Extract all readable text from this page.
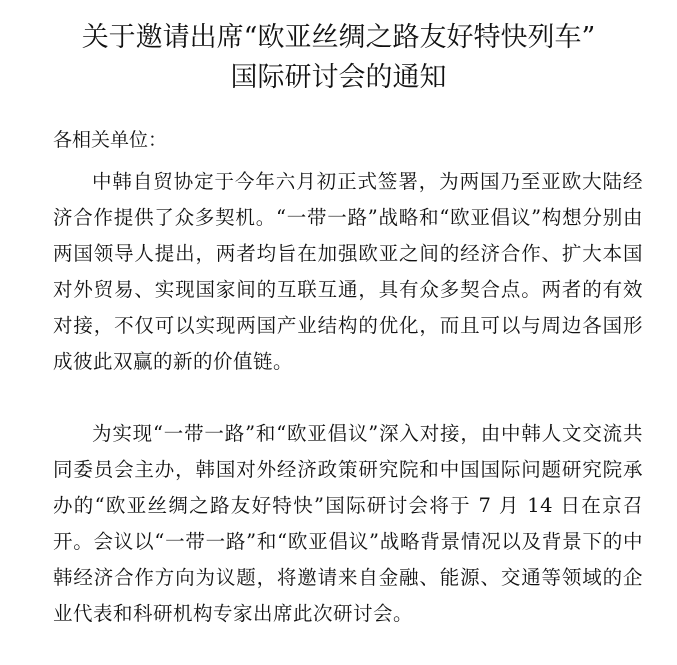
关于邀请出席“欧亚丝绸之路友好特快列车”
国际研讨会的通知
各相关单位：
中韩自贸协定于今年六月初正式签署，为两国乃至亚欧大陆经济合作提供了众多契机。“一带一路”战略和“欧亚倡议”构想分别由两国领导人提出，两者均旨在加强欧亚之间的经济合作、扩大本国对外贸易、实现国家间的互联互通，具有众多契合点。两者的有效对接，不仅可以实现两国产业结构的优化，而且可以与周边各国形成彼此双赢的新的价值链。
为实现“一带一路”和“欧亚倡议”深入对接，由中韩人文交流共同委员会主办，韩国对外经济政策研究院和中国国际问题研究院承办的“欧亚丝绸之路友好特快”国际研讨会将于 7 月 14 日在京召开。会议以“一带一路”和“欧亚倡议”战略背景情况以及背景下的中韩经济合作方向为议题，将邀请来自金融、能源、交通等领域的企业代表和科研机构专家出席此次研讨会。
